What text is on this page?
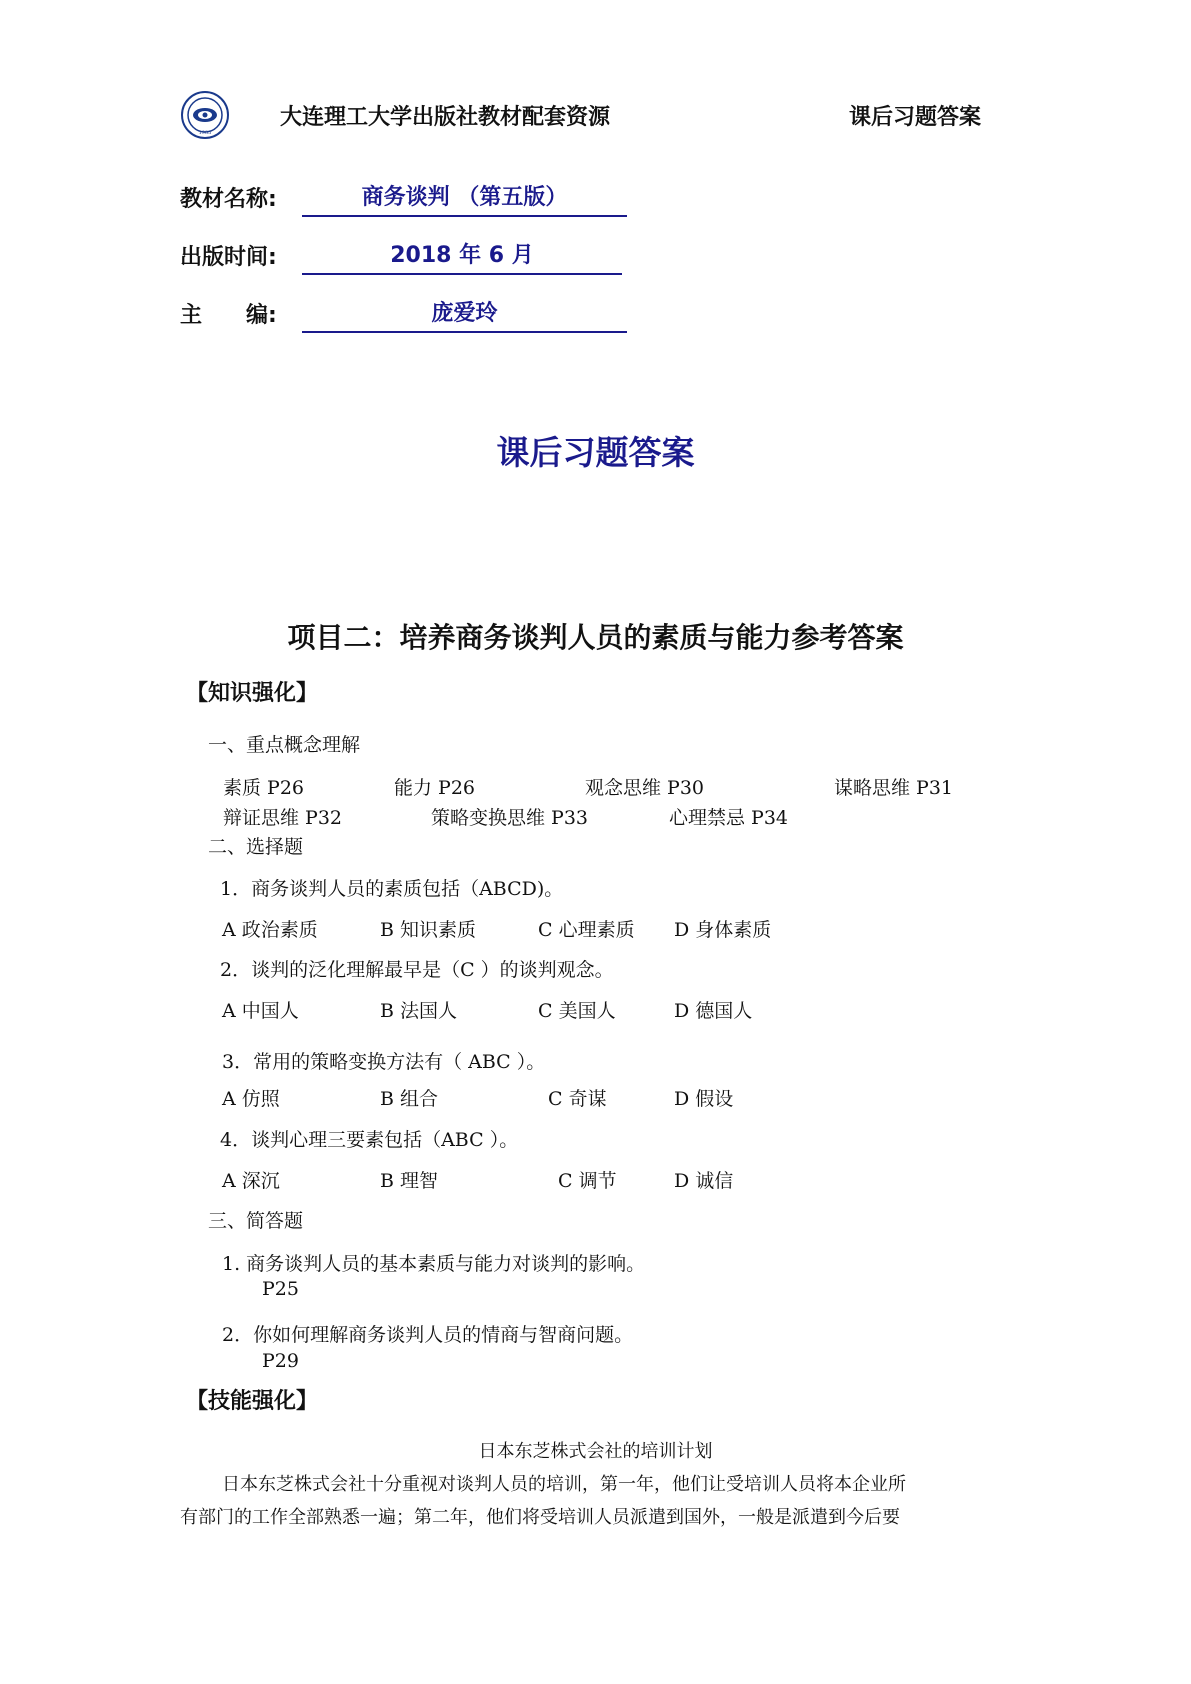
1985
大连理工大学出版社教材配套资源	课后习题答案
教材名称:	商务谈判 （第五版）
出版时间:	2018 年 6 月
主　　编:	庞爱玲
课后习题答案
项目二：培养商务谈判人员的素质与能力参考答案
【知识强化】
一、重点概念理解
素质 P26	能力 P26	观念思维 P30	谋略思维 P31
辩证思维 P32	策略变换思维 P33	心理禁忌 P34
二、选择题
1．商务谈判人员的素质包括（ABCD)。
A 政治素质	B 知识素质	C 心理素质 D 身体素质
2．谈判的泛化理解最早是（C ）的谈判观念。
A 中国人	B 法国人	C 美国人	D 德国人
3．常用的策略变换方法有（ ABC ）。
A 仿照	B 组合	C 奇谋	D 假设
4．谈判心理三要素包括（ABC ）。
A 深沉	B 理智	C 调节	D 诚信
三、简答题
1. 商务谈判人员的基本素质与能力对谈判的影响。
P25
2．你如何理解商务谈判人员的情商与智商问题。
P29
【技能强化】
日本东芝株式会社的培训计划
日本东芝株式会社十分重视对谈判人员的培训，第一年，他们让受培训人员将本企业所
有部门的工作全部熟悉一遍；第二年，他们将受培训人员派遣到国外，一般是派遣到今后要
